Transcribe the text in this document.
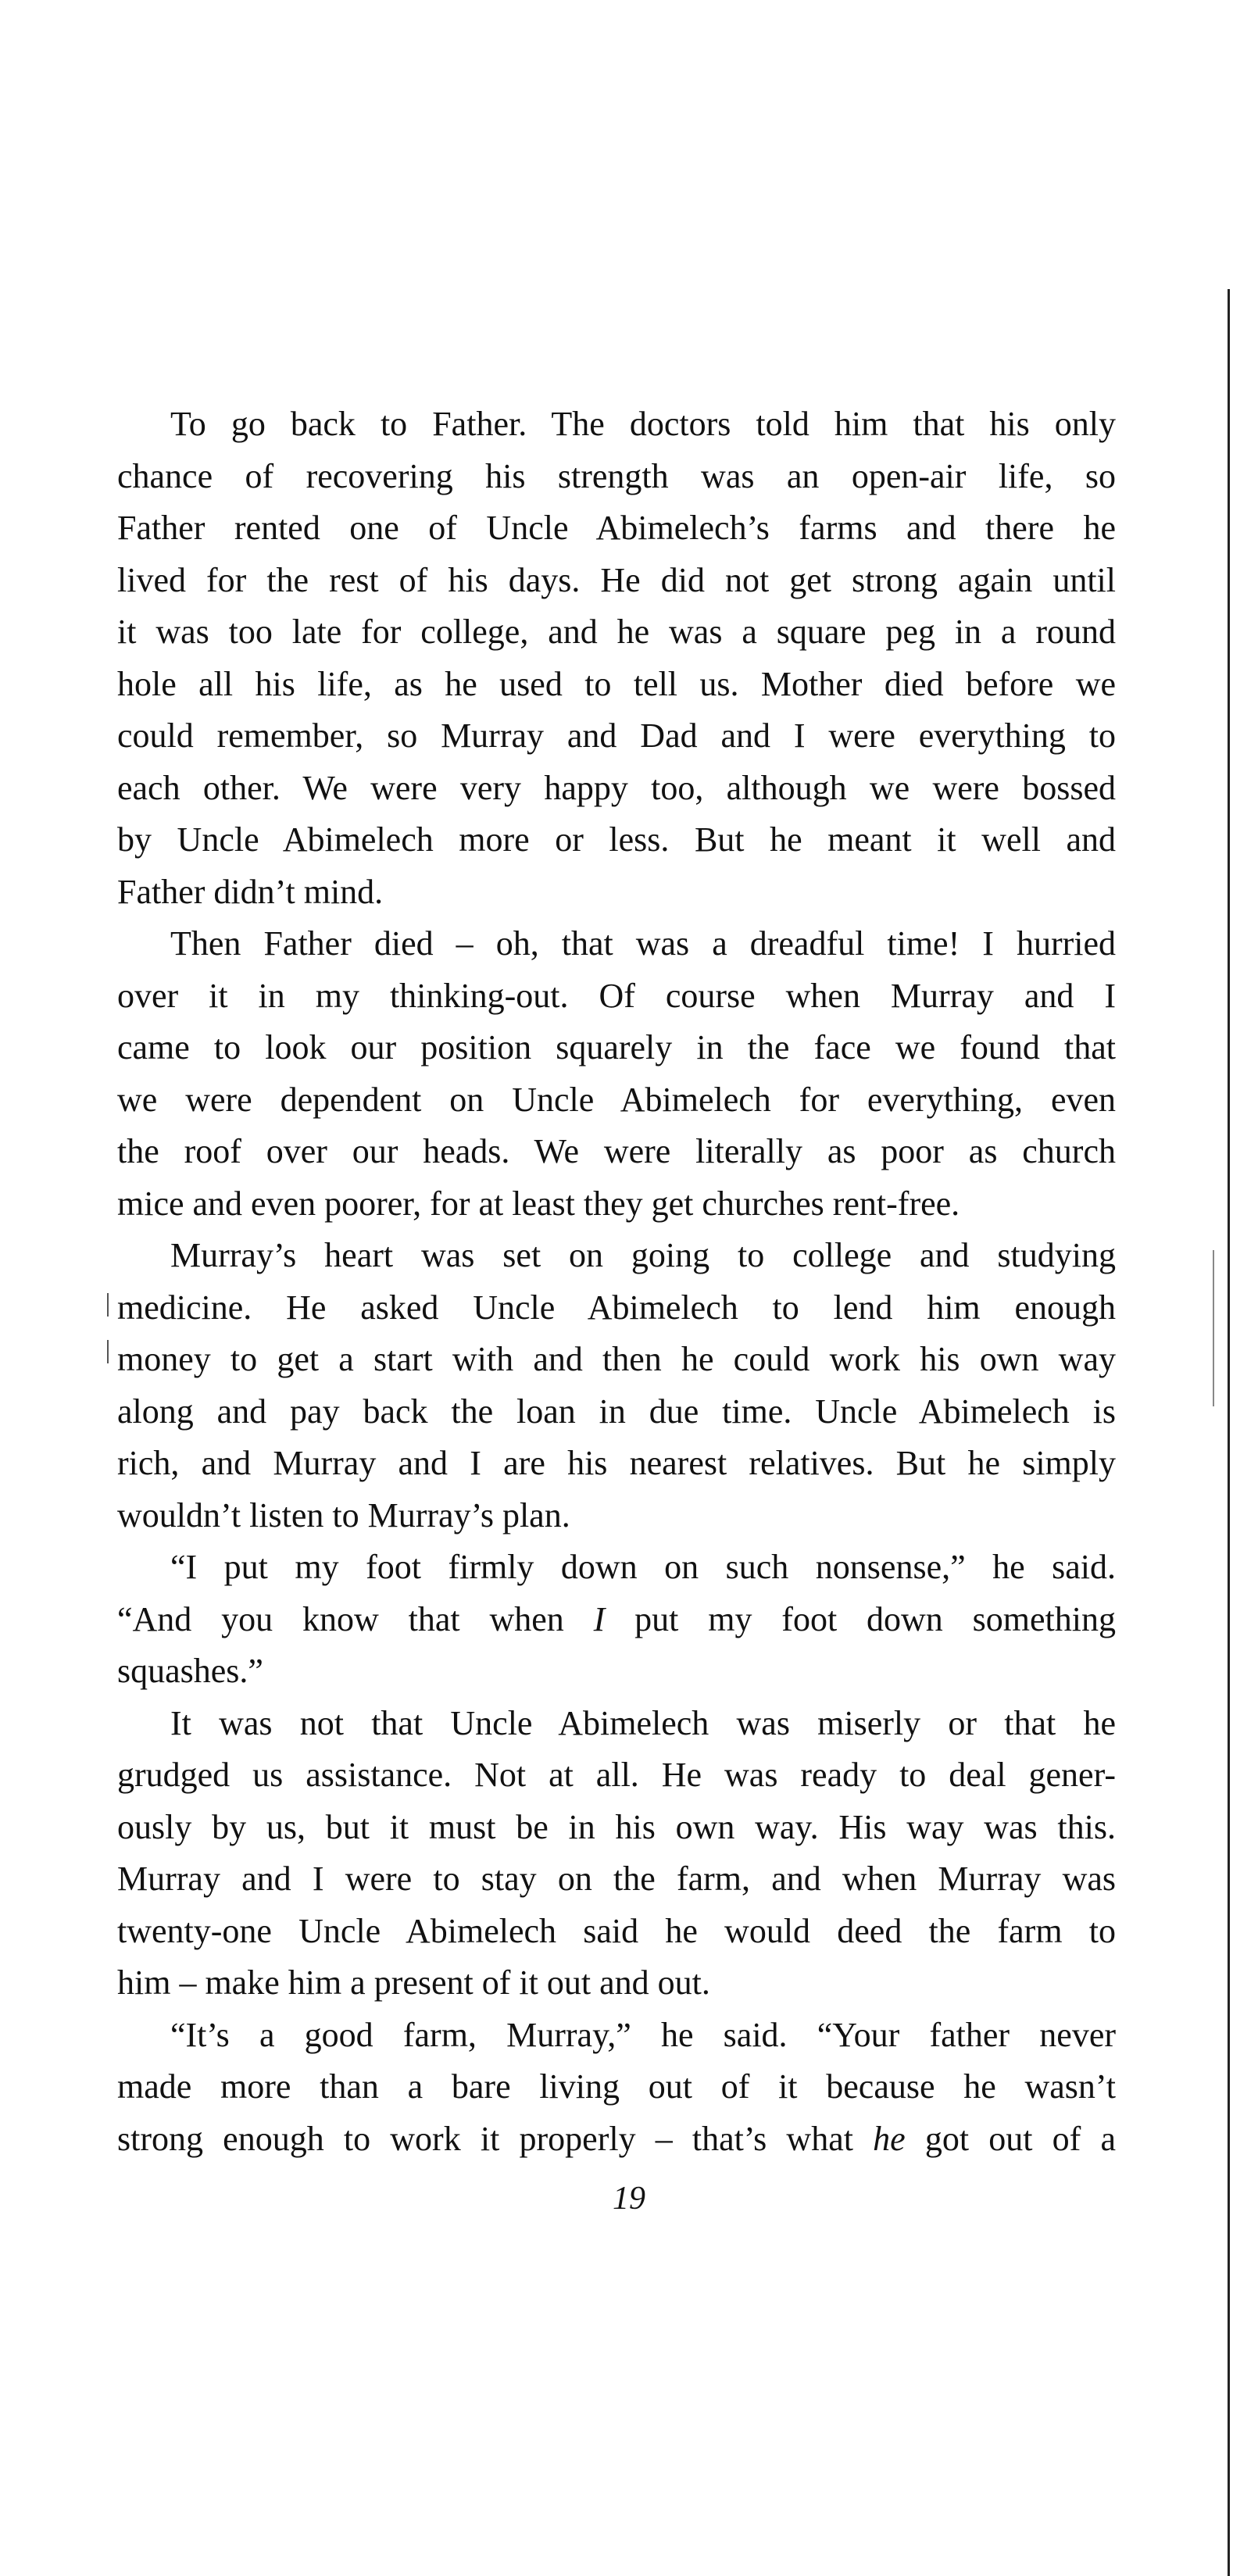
To go back to Father. The doctors told him that his only
chance of recovering his strength was an open-air life, so
Father rented one of Uncle Abimelech’s farms and there he
lived for the rest of his days. He did not get strong again until
it was too late for college, and he was a square peg in a round
hole all his life, as he used to tell us. Mother died before we
could remember, so Murray and Dad and I were everything to
each other. We were very happy too, although we were bossed
by Uncle Abimelech more or less. But he meant it well and
Father didn’t mind.
Then Father died – oh, that was a dreadful time! I hurried
over it in my thinking-out. Of course when Murray and I
came to look our position squarely in the face we found that
we were dependent on Uncle Abimelech for everything, even
the roof over our heads. We were literally as poor as church
mice and even poorer, for at least they get churches rent-free.
Murray’s heart was set on going to college and studying
medicine. He asked Uncle Abimelech to lend him enough
money to get a start with and then he could work his own way
along and pay back the loan in due time. Uncle Abimelech is
rich, and Murray and I are his nearest relatives. But he simply
wouldn’t listen to Murray’s plan.
“I put my foot firmly down on such nonsense,” he said.
“And you know that when I put my foot down something
squashes.”
It was not that Uncle Abimelech was miserly or that he
grudged us assistance. Not at all. He was ready to deal gener-
ously by us, but it must be in his own way. His way was this.
Murray and I were to stay on the farm, and when Murray was
twenty-one Uncle Abimelech said he would deed the farm to
him – make him a present of it out and out.
“It’s a good farm, Murray,” he said. “Your father never
made more than a bare living out of it because he wasn’t
strong enough to work it properly – that’s what he got out of a
19
